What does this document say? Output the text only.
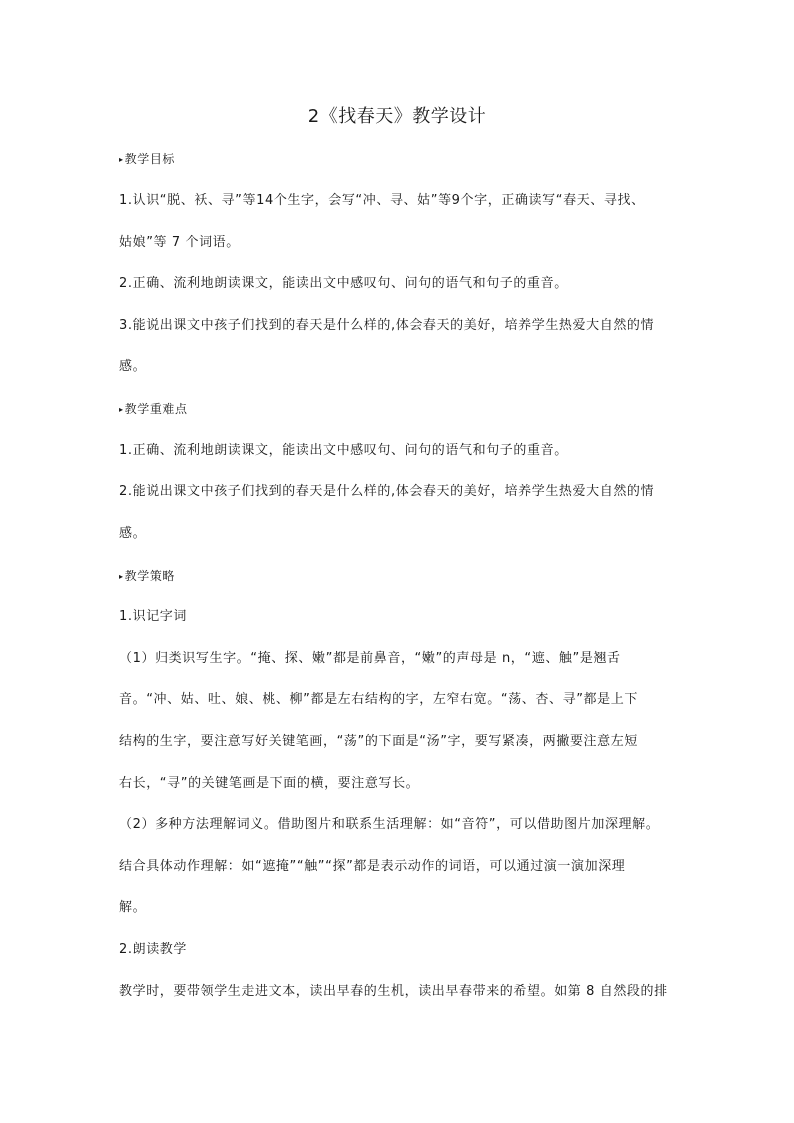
2《找春天》教学设计
▸教学目标
1.认识“脱、袄、寻”等14个生字，会写“冲、寻、姑”等9个字，正确读写“春天、寻找、
姑娘”等 7 个词语。
2.正确、流利地朗读课文，能读出文中感叹句、问句的语气和句子的重音。
3.能说出课文中孩子们找到的春天是什么样的,体会春天的美好，培养学生热爱大自然的情
感。
▸教学重难点
1.正确、流利地朗读课文，能读出文中感叹句、问句的语气和句子的重音。
2.能说出课文中孩子们找到的春天是什么样的,体会春天的美好，培养学生热爱大自然的情
感。
▸教学策略
1.识记字词
（1）归类识写生字。“掩、探、嫩”都是前鼻音，“嫩”的声母是 n，“遮、触”是翘舌
音。“冲、姑、吐、娘、桃、柳”都是左右结构的字，左窄右宽。“荡、杏、寻”都是上下
结构的生字，要注意写好关键笔画，“荡”的下面是“汤”字，要写紧凑，两撇要注意左短
右长，“寻”的关键笔画是下面的横，要注意写长。
（2）多种方法理解词义。借助图片和联系生活理解：如“音符”，可以借助图片加深理解。
结合具体动作理解：如“遮掩”“触”“探”都是表示动作的词语，可以通过演一演加深理
解。
2.朗读教学
教学时，要带领学生走进文本，读出早春的生机，读出早春带来的希望。如第 8 自然段的排
